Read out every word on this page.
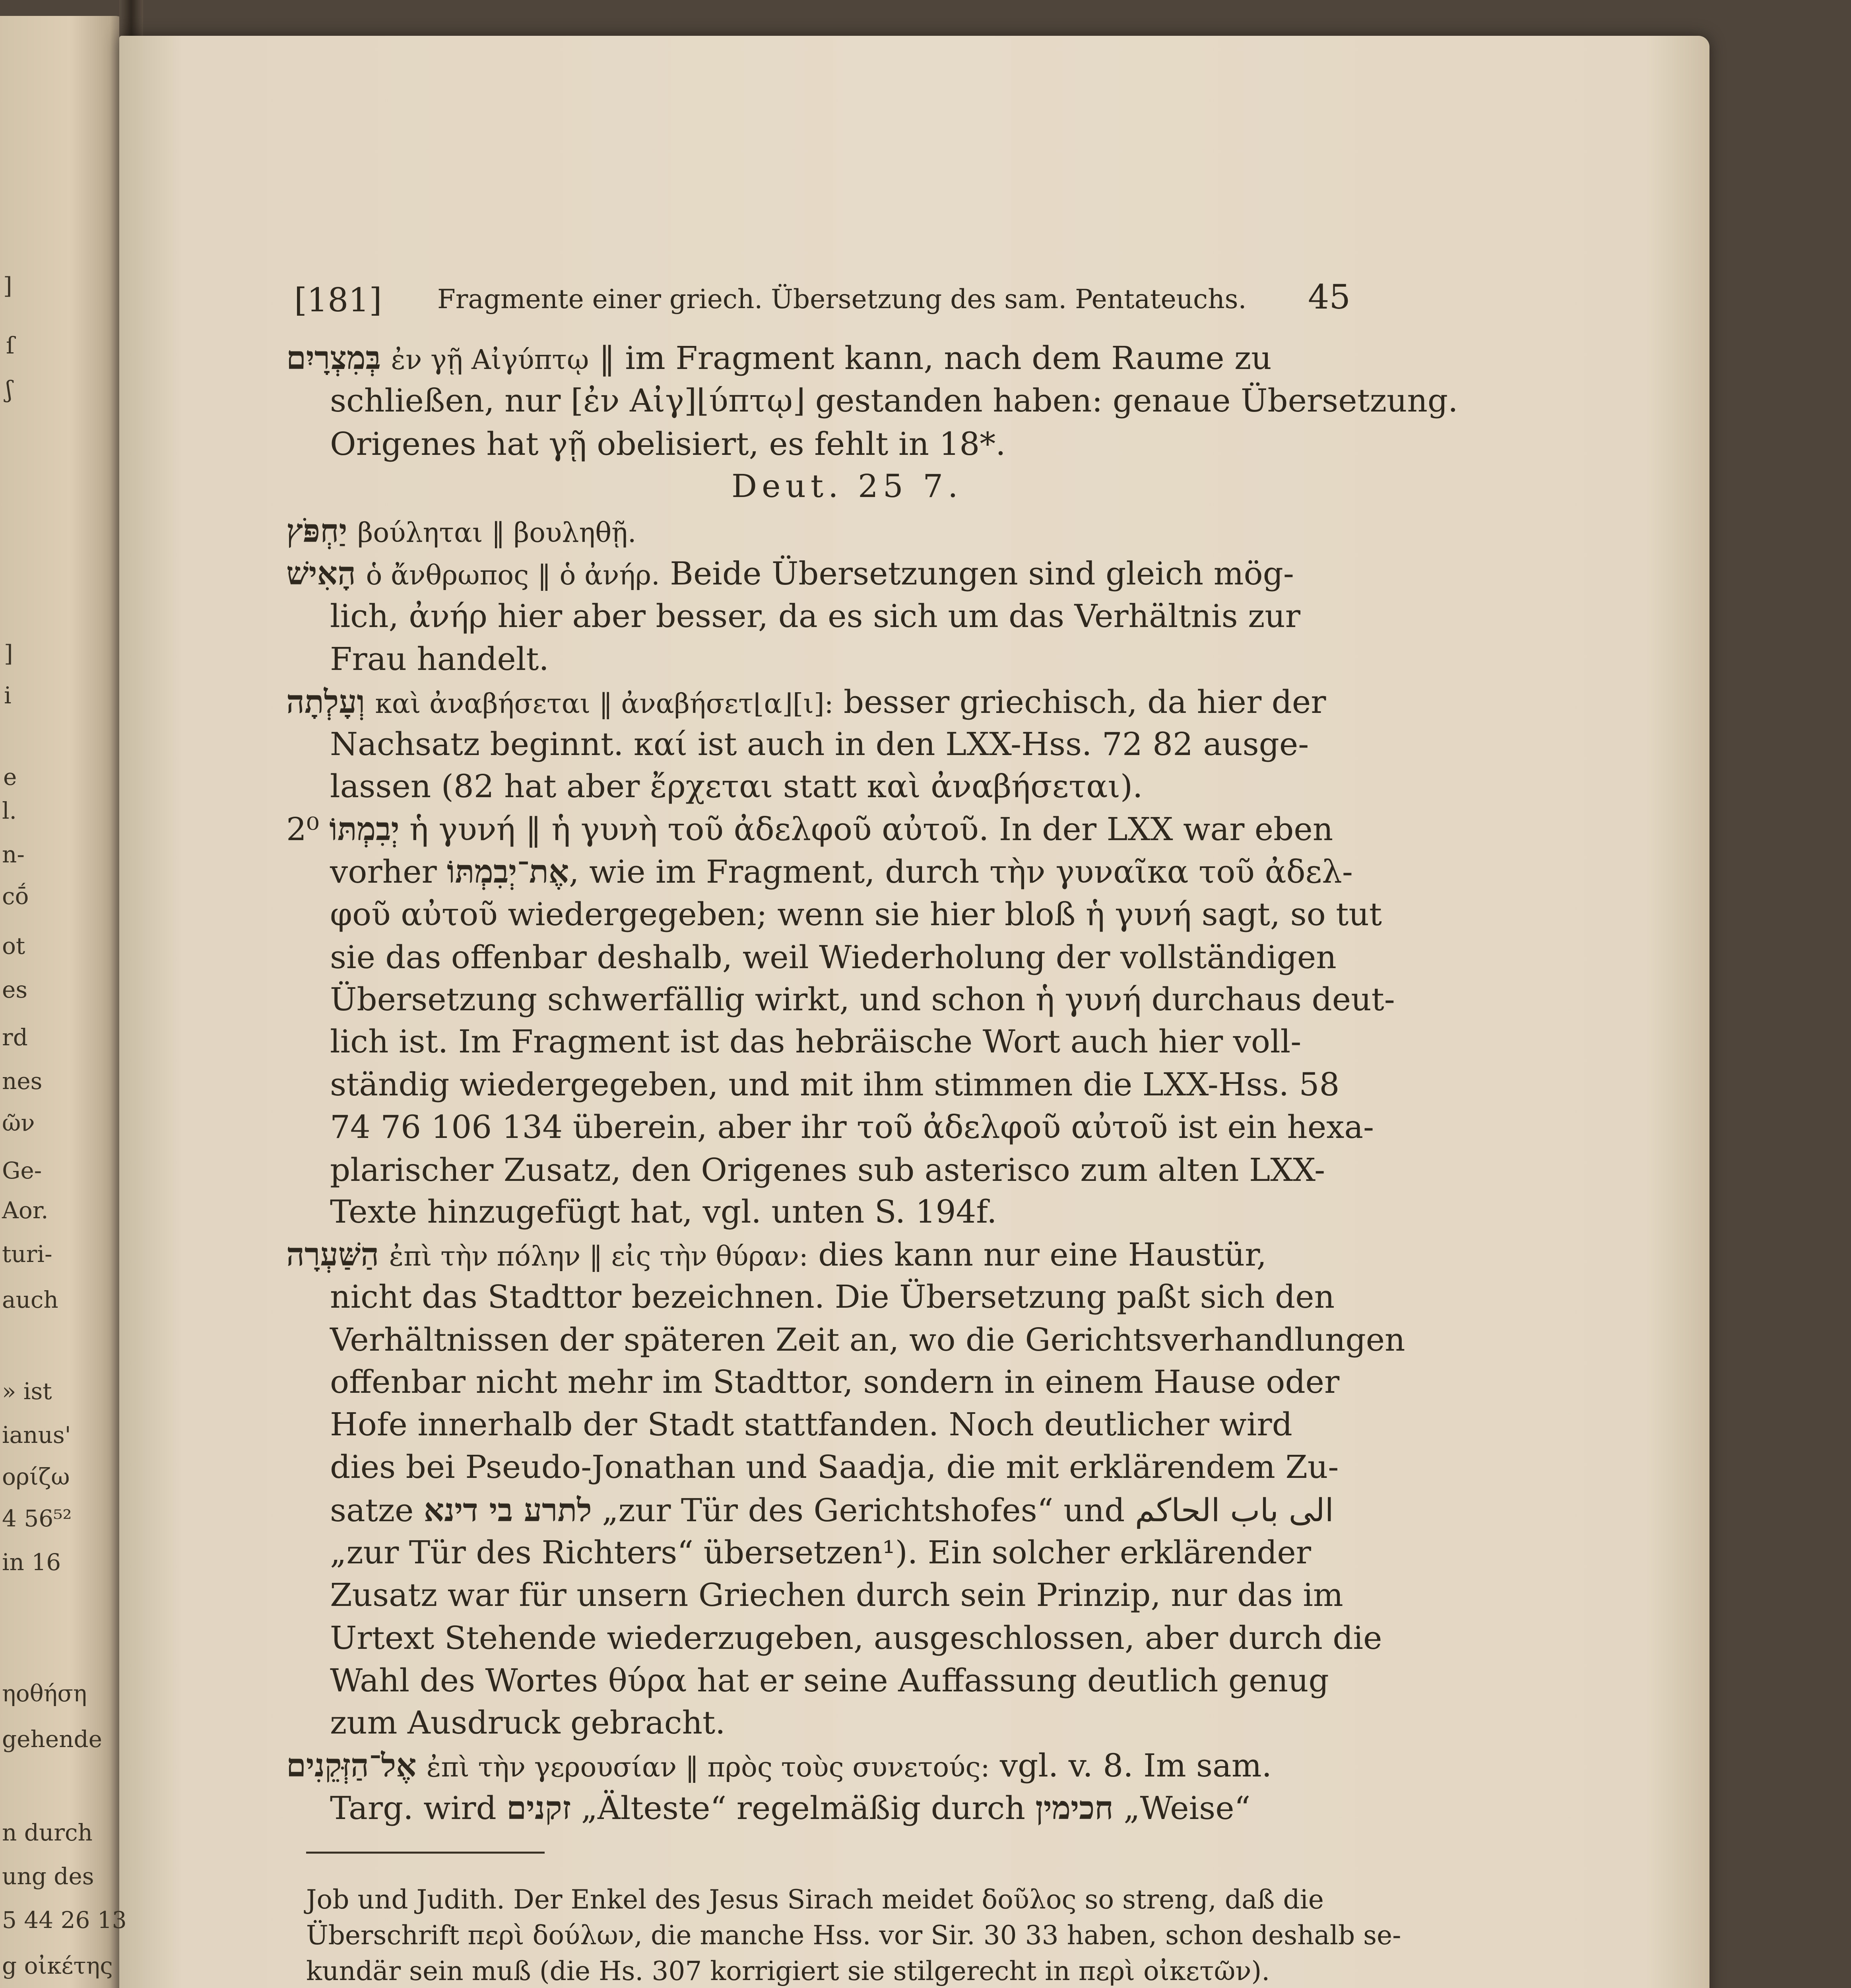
]
ſ
ʃ
]
i
e
l.
n-
cṓ
ot
es
rd
nes
ῶν
Ge-
Aor.
turi-
auch
» ist
ianus'
ορίζω
4 56⁵²
in 16
ηοθήση
gehende
n durch
ung des
5 44 26 13
g οἰκέτης
[181] Fragmente einer griech. Übersetzung des sam. Pentateuchs. 45
בְּמִצְרָיִם ἐν γῇ Αἰγύπτῳ ‖ im Fragment kann, nach dem Raume zu
schließen, nur [ἐν Αἰγ]⌊ύπτῳ⌋ gestanden haben: genaue Übersetzung.
Origenes hat γῇ obelisiert, es fehlt in 18*.
Deut. 25 7.
יַחְפֹּץ βούληται ‖ βουληθῇ.
הָאִישׁ ὁ ἄνθρωπος ‖ ὁ ἀνήρ. Beide Übersetzungen sind gleich mög-
lich, ἀνήρ hier aber besser, da es sich um das Verhältnis zur
Frau handelt.
וְעָלְתָה καὶ ἀναβήσεται ‖ ἀναβήσετ⌊α⌋[ι]: besser griechisch, da hier der
Nachsatz beginnt. καί ist auch in den LXX-Hss. 72 82 ausge-
lassen (82 hat aber ἔρχεται statt καὶ ἀναβήσεται).
יְבִמְתּוֹ 2⁰ ἡ γυνή ‖ ἡ γυνὴ τοῦ ἀδελφοῦ αὐτοῦ. In der LXX war eben
vorher אֶת־יְבִמְתּוֹ, wie im Fragment, durch τὴν γυναῖκα τοῦ ἀδελ-
φοῦ αὐτοῦ wiedergegeben; wenn sie hier bloß ἡ γυνή sagt, so tut
sie das offenbar deshalb, weil Wiederholung der vollständigen
Übersetzung schwerfällig wirkt, und schon ἡ γυνή durchaus deut-
lich ist. Im Fragment ist das hebräische Wort auch hier voll-
ständig wiedergegeben, und mit ihm stimmen die LXX-Hss. 58
74 76 106 134 überein, aber ihr τοῦ ἀδελφοῦ αὐτοῦ ist ein hexa-
plarischer Zusatz, den Origenes sub asterisco zum alten LXX-
Texte hinzugefügt hat, vgl. unten S. 194f.
הַשַּׁעְרָה ἐπὶ τὴν πόλην ‖ εἰς τὴν θύραν: dies kann nur eine Haustür,
nicht das Stadttor bezeichnen. Die Übersetzung paßt sich den
Verhältnissen der späteren Zeit an, wo die Gerichtsverhandlungen
offenbar nicht mehr im Stadttor, sondern in einem Hause oder
Hofe innerhalb der Stadt stattfanden. Noch deutlicher wird
dies bei Pseudo-Jonathan und Saadja, die mit erklärendem Zu-
satze לתרע בי דינא „zur Tür des Gerichtshofes“ und الى باب الحاكم
„zur Tür des Richters“ übersetzen¹). Ein solcher erklärender
Zusatz war für unsern Griechen durch sein Prinzip, nur das im
Urtext Stehende wiederzugeben, ausgeschlossen, aber durch die
Wahl des Wortes θύρα hat er seine Auffassung deutlich genug
zum Ausdruck gebracht.
אֶל־הַזְּקֵנִים ἐπὶ τὴν γερουσίαν ‖ πρὸς τοὺς συνετούς: vgl. v. 8. Im sam.
Targ. wird זקנים „Älteste“ regelmäßig durch חכימין „Weise“
Job und Judith. Der Enkel des Jesus Sirach meidet δοῦλος so streng, daß die
Überschrift περὶ δούλων, die manche Hss. vor Sir. 30 33 haben, schon deshalb se-
kundär sein muß (die Hs. 307 korrigiert sie stilgerecht in περὶ οἰκετῶν).
